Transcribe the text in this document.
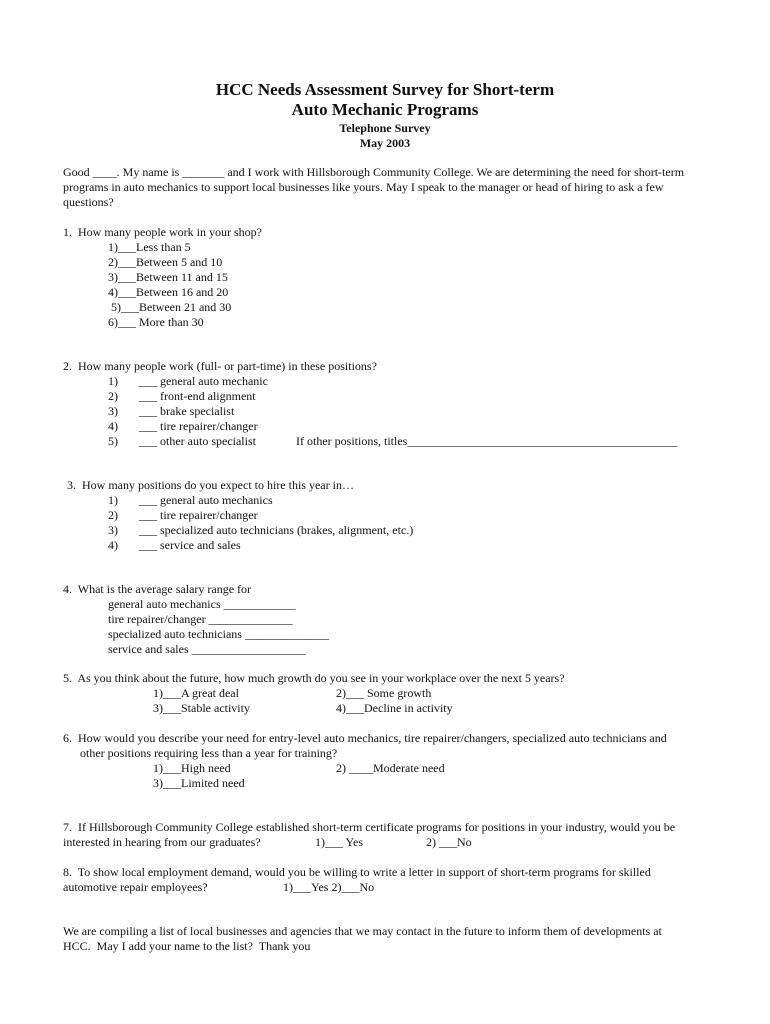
HCC Needs Assessment Survey for Short-term
Auto Mechanic Programs
Telephone Survey
May 2003
Good ____. My name is _______ and I work with Hillsborough Community College. We are determining the need for short-term programs in auto mechanics to support local businesses like yours. May I speak to the manager or head of hiring to ask a few questions?
1.  How many people work in your shop?
1)___Less than 5
2)___Between 5 and 10
3)___Between 11 and 15
4)___Between 16 and 20
5)___Between 21 and 30
6)___ More than 30
2.  How many people work (full- or part-time) in these positions?
1) ___ general auto mechanic
2) ___ front-end alignment
3) ___ brake specialist
4) ___ tire repairer/changer
5) ___ other auto specialist	If other positions, titles_____________________________________________
3.  How many positions do you expect to hire this year in…
1) ___ general auto mechanics
2) ___ tire repairer/changer
3) ___ specialized auto technicians (brakes, alignment, etc.)
4) ___ service and sales
4.  What is the average salary range for
general auto mechanics ____________
tire repairer/changer ______________
specialized auto technicians ______________
service and sales ___________________
5.  As you think about the future, how much growth do you see in your workplace over the next 5 years?
1)___A great deal	2)___ Some growth
3)___Stable activity	4)___Decline in activity
6.  How would you describe your need for entry-level auto mechanics, tire repairer/changers, specialized auto technicians and
other positions requiring less than a year for training?
1)___High need	2) ____Moderate need
3)___Limited need
7.  If Hillsborough Community College established short-term certificate programs for positions in your industry, would you be
interested in hearing from our graduates?	1)___ Yes	2) ___No
8.  To show local employment demand, would you be willing to write a letter in support of short-term programs for skilled
automotive repair employees?	1)___Yes 2)___No
We are compiling a list of local businesses and agencies that we may contact in the future to inform them of developments at
HCC.  May I add your name to the list?  Thank you
